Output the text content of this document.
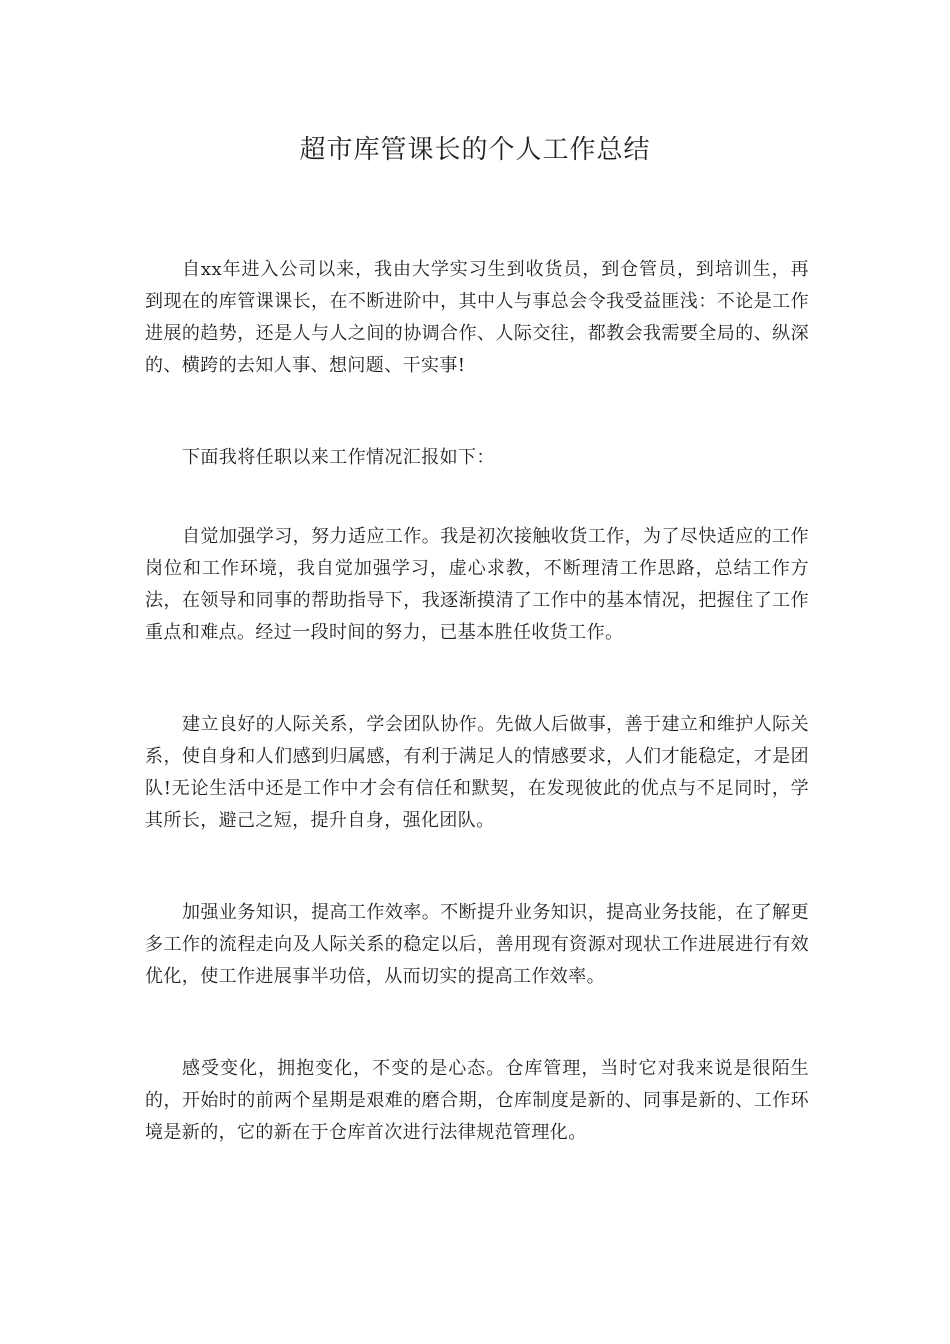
超市库管课长的个人工作总结

自xx年进入公司以来，我由大学实习生到收货员，到仓管员，到培训生，再到现在的库管课课长，在不断进阶中，其中人与事总会令我受益匪浅：不论是工作进展的趋势，还是人与人之间的协调合作、人际交往，都教会我需要全局的、纵深的、横跨的去知人事、想问题、干实事!

下面我将任职以来工作情况汇报如下：

自觉加强学习，努力适应工作。我是初次接触收货工作，为了尽快适应的工作岗位和工作环境，我自觉加强学习，虚心求教，不断理清工作思路，总结工作方法，在领导和同事的帮助指导下，我逐渐摸清了工作中的基本情况，把握住了工作重点和难点。经过一段时间的努力，已基本胜任收货工作。

建立良好的人际关系，学会团队协作。先做人后做事，善于建立和维护人际关系，使自身和人们感到归属感，有利于满足人的情感要求，人们才能稳定，才是团队!无论生活中还是工作中才会有信任和默契，在发现彼此的优点与不足同时，学其所长，避己之短，提升自身，强化团队。

加强业务知识，提高工作效率。不断提升业务知识，提高业务技能，在了解更多工作的流程走向及人际关系的稳定以后，善用现有资源对现状工作进展进行有效优化，使工作进展事半功倍，从而切实的提高工作效率。

感受变化，拥抱变化，不变的是心态。仓库管理，当时它对我来说是很陌生的，开始时的前两个星期是艰难的磨合期，仓库制度是新的、同事是新的、工作环境是新的，它的新在于仓库首次进行法律规范管理化。
